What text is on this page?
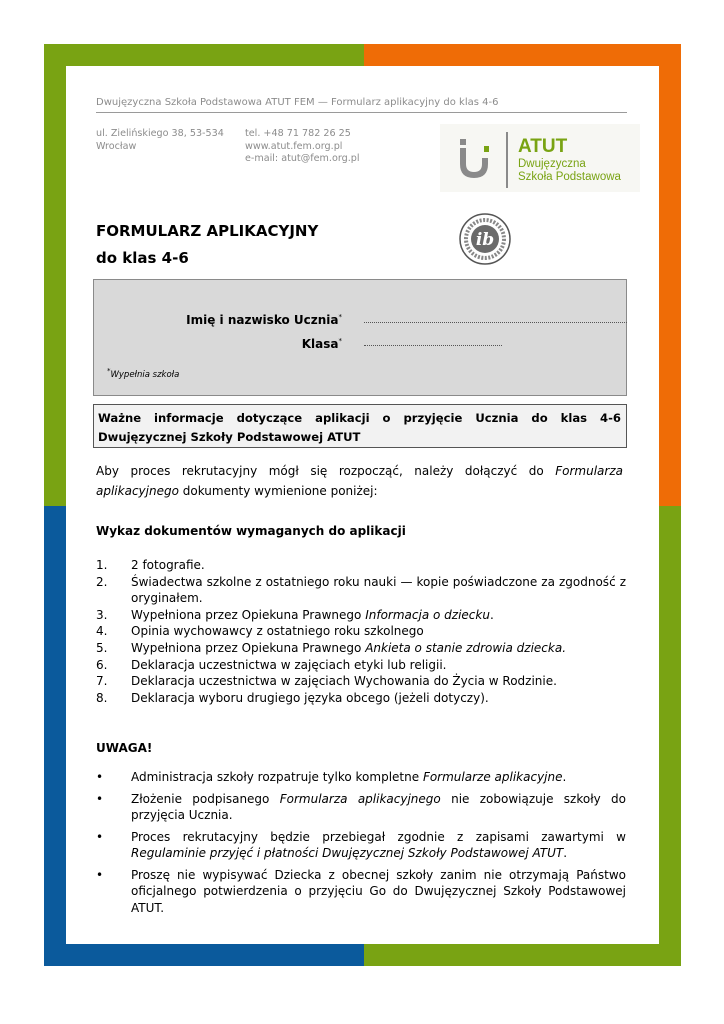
Dwujęzyczna Szkoła Podstawowa ATUT FEM — Formularz aplikacyjny do klas 4-6
ul. Zielińskiego 38, 53-534
Wrocław
tel. +48 71 782 26 25
www.atut.fem.org.pl
e-mail: atut@fem.org.pl
ATUT
Dwujęzyczna
Szkoła Podstawowa
ib
FORMULARZ APLIKACYJNY
do klas 4-6
Imię i nazwisko Ucznia*
Klasa*
*Wypełnia szkoła
Ważne informacje dotyczące aplikacji o przyjęcie Ucznia do klas 4-6 Dwujęzycznej Szkoły Podstawowej ATUT
Aby proces rekrutacyjny mógł się rozpocząć, należy dołączyć do Formularza aplikacyjnego dokumenty wymienione poniżej:
Wykaz dokumentów wymaganych do aplikacji
1. 2 fotografie.
2. Świadectwa szkolne z ostatniego roku nauki — kopie poświadczone za zgodność z oryginałem.
3. Wypełniona przez Opiekuna Prawnego Informacja o dziecku.
4. Opinia wychowawcy z ostatniego roku szkolnego
5. Wypełniona przez Opiekuna Prawnego Ankieta o stanie zdrowia dziecka.
6. Deklaracja uczestnictwa w zajęciach etyki lub religii.
7. Deklaracja uczestnictwa w zajęciach Wychowania do Życia w Rodzinie.
8. Deklaracja wyboru drugiego języka obcego (jeżeli dotyczy).
UWAGA!
• Administracja szkoły rozpatruje tylko kompletne Formularze aplikacyjne.
• Złożenie podpisanego Formularza aplikacyjnego nie zobowiązuje szkoły do przyjęcia Ucznia.
• Proces rekrutacyjny będzie przebiegał zgodnie z zapisami zawartymi w Regulaminie przyjęć i płatności Dwujęzycznej Szkoły Podstawowej ATUT.
• Proszę nie wypisywać Dziecka z obecnej szkoły zanim nie otrzymają Państwo oficjalnego potwierdzenia o przyjęciu Go do Dwujęzycznej Szkoły Podstawowej ATUT.
